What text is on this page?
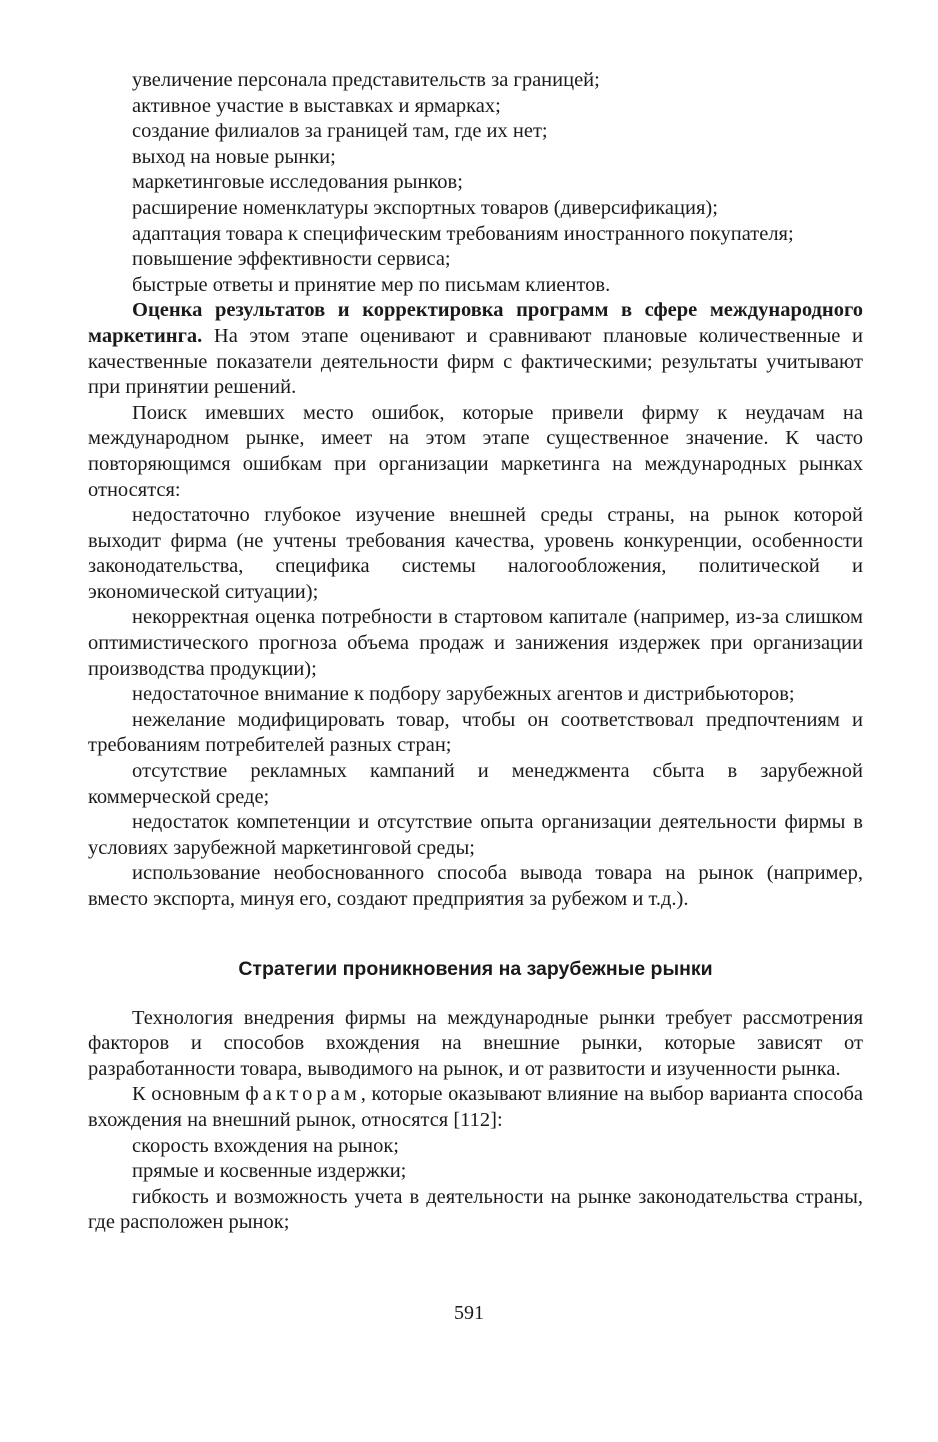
увеличение персонала представительств за границей;
активное участие в выставках и ярмарках;
создание филиалов за границей там, где их нет;
выход на новые рынки;
маркетинговые исследования рынков;
расширение номенклатуры экспортных товаров (диверсификация);
адаптация товара к специфическим требованиям иностранного покупателя;
повышение эффективности сервиса;
быстрые ответы и принятие мер по письмам клиентов.

Оценка результатов и корректировка программ в сфере международного маркетинга. На этом этапе оценивают и сравнивают плановые количественные и качественные показатели деятельности фирм с фактическими; результаты учитывают при принятии решений.

Поиск имевших место ошибок, которые привели фирму к неудачам на международном рынке, имеет на этом этапе существенное значение. К часто повторяющимся ошибкам при организации маркетинга на международных рынках относятся:

недостаточно глубокое изучение внешней среды страны, на рынок которой выходит фирма (не учтены требования качества, уровень конкуренции, особенности законодательства, специфика системы налогообложения, политической и экономической ситуации);

некорректная оценка потребности в стартовом капитале (например, из-за слишком оптимистического прогноза объема продаж и занижения издержек при организации производства продукции);

недостаточное внимание к подбору зарубежных агентов и дистрибьюторов;

нежелание модифицировать товар, чтобы он соответствовал предпочтениям и требованиям потребителей разных стран;

отсутствие рекламных кампаний и менеджмента сбыта в зарубежной коммерческой среде;

недостаток компетенции и отсутствие опыта организации деятельности фирмы в условиях зарубежной маркетинговой среды;

использование необоснованного способа вывода товара на рынок (например, вместо экспорта, минуя его, создают предприятия за рубежом и т.д.).

Стратегии проникновения на зарубежные рынки

Технология внедрения фирмы на международные рынки требует рассмотрения факторов и способов вхождения на внешние рынки, которые зависят от разработанности товара, выводимого на рынок, и от развитости и изученности рынка.

К основным факторам, которые оказывают влияние на выбор варианта способа вхождения на внешний рынок, относятся [112]:

скорость вхождения на рынок;

прямые и косвенные издержки;

гибкость и возможность учета в деятельности на рынке законодательства страны, где расположен рынок;

591
